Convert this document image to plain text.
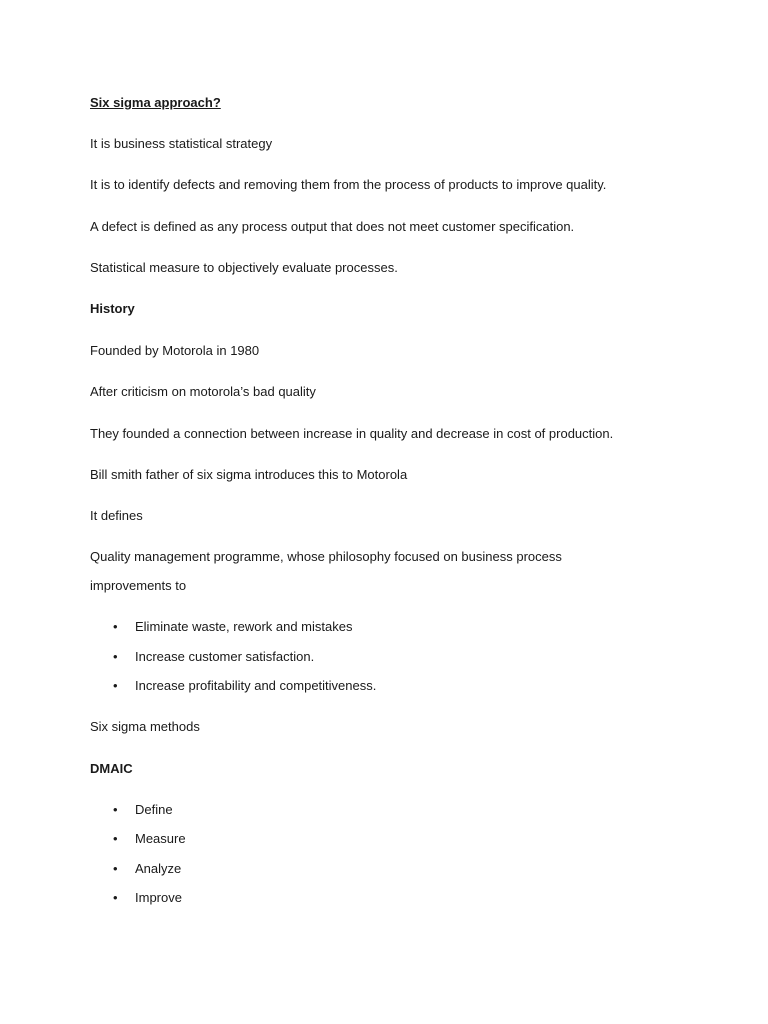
Six sigma approach?
It is business statistical strategy
It is to identify defects and removing them from the process of products to improve quality.
A defect is defined as any process output that does not meet customer specification.
Statistical measure to objectively evaluate processes.
History
Founded by Motorola in 1980
After criticism on motorola’s bad quality
They founded a connection between increase in quality and decrease in cost of production.
Bill smith father of six sigma introduces this to Motorola
It defines
Quality management programme, whose philosophy focused on business process
improvements to
•	Eliminate waste, rework and mistakes
•	Increase customer satisfaction.
•	Increase profitability and competitiveness.
Six sigma methods
DMAIC
•	Define
•	Measure
•	Analyze
•	Improve
